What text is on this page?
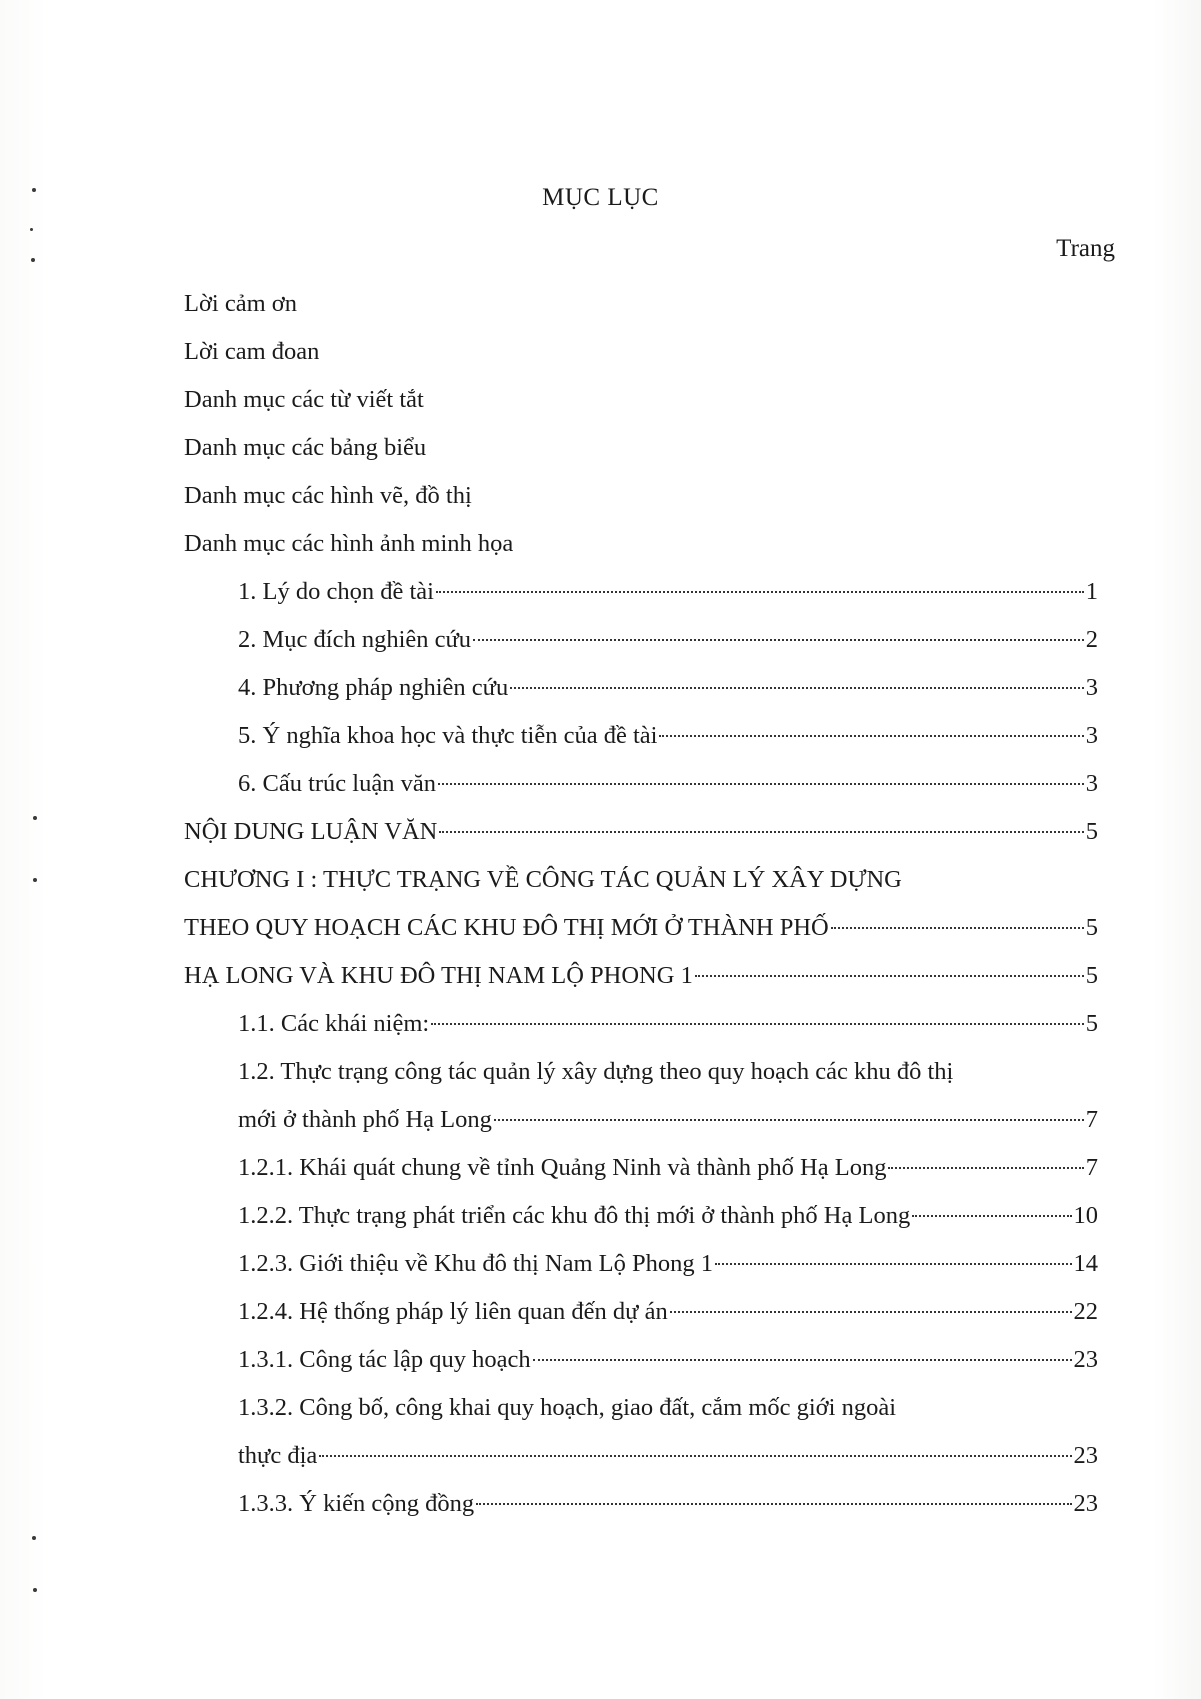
MỤC LỤC
Trang
Lời cảm ơn
Lời cam đoan
Danh mục các từ viết tắt
Danh mục các bảng biểu
Danh mục các hình vẽ, đồ thị
Danh mục các hình ảnh minh họa
1. Lý do chọn đề tài	1
2. Mục đích nghiên cứu	2
4. Phương pháp nghiên cứu	3
5. Ý nghĩa khoa học và thực tiễn của đề tài	3
6. Cấu trúc luận văn	3
NỘI DUNG LUẬN VĂN	5
CHƯƠNG I : THỰC TRẠNG VỀ CÔNG TÁC QUẢN LÝ XÂY DỰNG
THEO QUY HOẠCH CÁC KHU ĐÔ THỊ MỚI Ở THÀNH PHỐ	5
HẠ LONG VÀ KHU ĐÔ THỊ NAM LỘ PHONG 1	5
1.1. Các khái niệm:	5
1.2. Thực trạng công tác quản lý xây dựng theo quy hoạch các khu đô thị
mới ở thành phố Hạ Long	7
1.2.1. Khái quát chung về tỉnh Quảng Ninh và thành phố Hạ Long	7
1.2.2. Thực trạng phát triển các khu đô thị mới ở thành phố Hạ Long	10
1.2.3. Giới thiệu về Khu đô thị Nam Lộ Phong 1	14
1.2.4. Hệ thống pháp lý liên quan đến dự án	22
1.3.1. Công tác lập quy hoạch	23
1.3.2. Công bố, công khai quy hoạch, giao đất, cắm mốc giới ngoài
thực địa	23
1.3.3. Ý kiến cộng đồng	23
